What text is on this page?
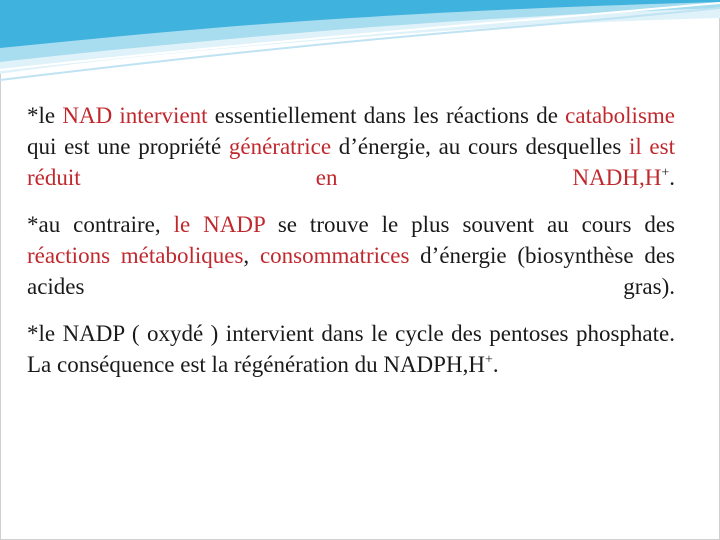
*le NAD intervient essentiellement dans les réactions de catabolisme qui est une propriété génératrice d’énergie, au cours desquelles il est réduit en NADH,H+.

*au contraire, le NADP se trouve le plus souvent au cours des réactions métaboliques, consommatrices d’énergie (biosynthèse des acides gras).

*le NADP ( oxydé ) intervient dans le cycle des pentoses phosphate. La conséquence est la régénération du NADPH,H+.
